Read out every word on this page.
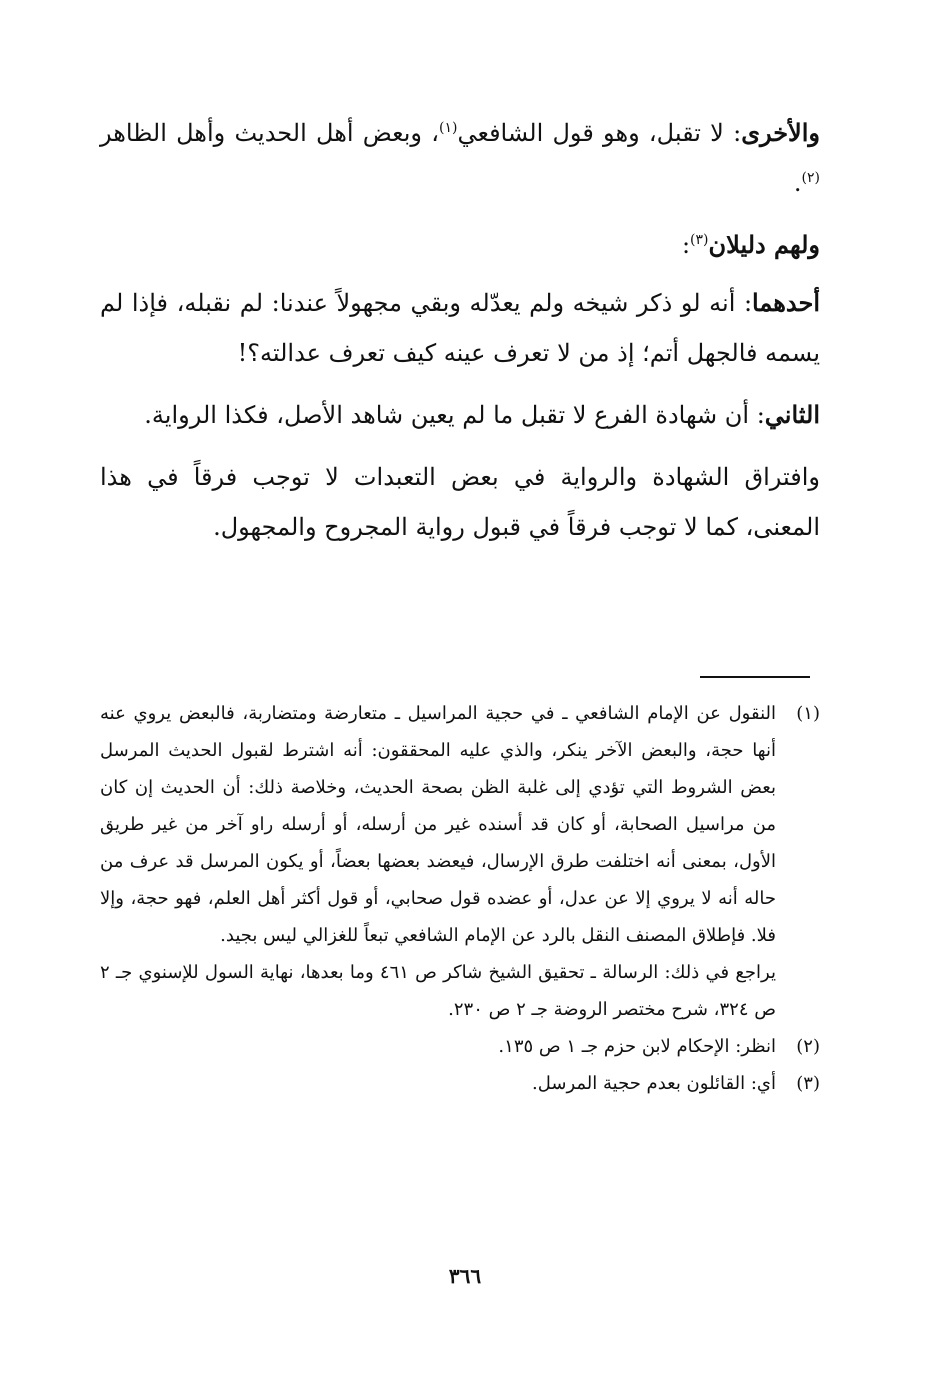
والأخرى: لا تقبل، وهو قول الشافعي$^{(١)}$، وبعض أهل الحديث وأهل الظاهر $^{(٢)}$.

ولهم دليلان$^{(٣)}$:

أحدهما: أنه لو ذكر شيخه ولم يعدّله وبقي مجهولاً عندنا: لم نقبله، فإذا لم يسمه فالجهل أتم؛ إذ من لا تعرف عينه كيف تعرف عدالته؟!

الثاني: أن شهادة الفرع لا تقبل ما لم يعين شاهد الأصل، فكذا الرواية.

وافتراق الشهادة والرواية في بعض التعبدات لا توجب فرقاً في هذا المعنى، كما لا توجب فرقاً في قبول رواية المجروح والمجهول.

(١)
النقول عن الإمام الشافعي ـ في حجية المراسيل ـ متعارضة ومتضاربة، فالبعض يروي عنه أنها حجة، والبعض الآخر ينكر، والذي عليه المحققون: أنه اشترط لقبول الحديث المرسل بعض الشروط التي تؤدي إلى غلبة الظن بصحة الحديث، وخلاصة ذلك: أن الحديث إن كان من مراسيل الصحابة، أو كان قد أسنده غير من أرسله، أو أرسله راو آخر من غير طريق الأول، بمعنى أنه اختلفت طرق الإرسال، فيعضد بعضها بعضاً، أو يكون المرسل قد عرف من حاله أنه لا يروي إلا عن عدل، أو عضده قول صحابي، أو قول أكثر أهل العلم، فهو حجة، وإلا فلا. فإطلاق المصنف النقل بالرد عن الإمام الشافعي تبعاً للغزالي ليس بجيد.
يراجع في ذلك: الرسالة ـ تحقيق الشيخ شاكر ص ٤٦١ وما بعدها، نهاية السول للإسنوي جـ ٢ ص ٣٢٤، شرح مختصر الروضة جـ ٢ ص ٢٣٠.
(٢)
انظر: الإحكام لابن حزم جـ ١ ص ١٣٥.
(٣)
أي: القائلون بعدم حجية المرسل.
٣٦٦
